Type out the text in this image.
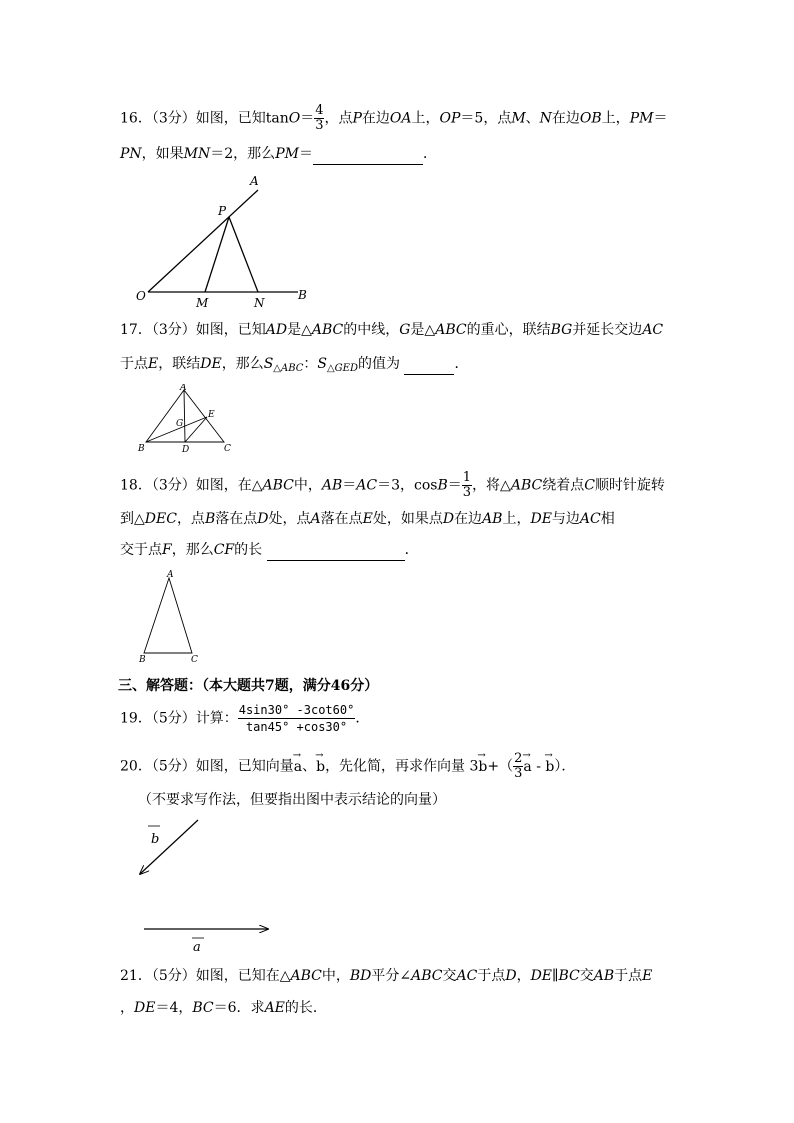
16．（3分）如图，已知$\tan O= \frac{4}{3}$ ，点P在边OA上，OP＝5，点M、N在边OB上，PM＝
PN，如果MN＝2，那么PM＝	．
A
P
O	M	N
B
17．（3分）如图，已知AD是△ABC的中线，G是△ABC的重心，联结BG并延长交边AC
于点E，联结DE，那么$S_{\triangle ABC}$：$S_{\triangle GED}$的值为	．
A
B	C
D
E
G
18．（3分）如图，在△ABC中，AB＝AC＝3，$\cos B= \frac{1}{3}$ ，将△ABC绕着点C顺时针旋转
到△DEC，点B落在点D处，点A落在点E处，如果点D在边AB上，DE与边AC相
交于点F，那么CF的长	．
A
B	C
三、解答题：（本大题共7题，满分46分）
19．（5分）计算： $\frac{4\sin 30^\circ -3\cot 60^\circ}{\tan 45^\circ +\cos 30^\circ}$ ．
20．（5分）如图，已知向量→ a、→ b，先化简，再求作向量 $3\to b+( \frac{2}{3}$
→ a - → b）．
（不要求写作法，但要指出图中表示结论的向量）
b
a
21．（5分）如图，已知在△ABC中，BD平分∠ABC交AC于点D，DE∥BC交AB于点E
，DE＝4，BC＝6．求AE的长．
